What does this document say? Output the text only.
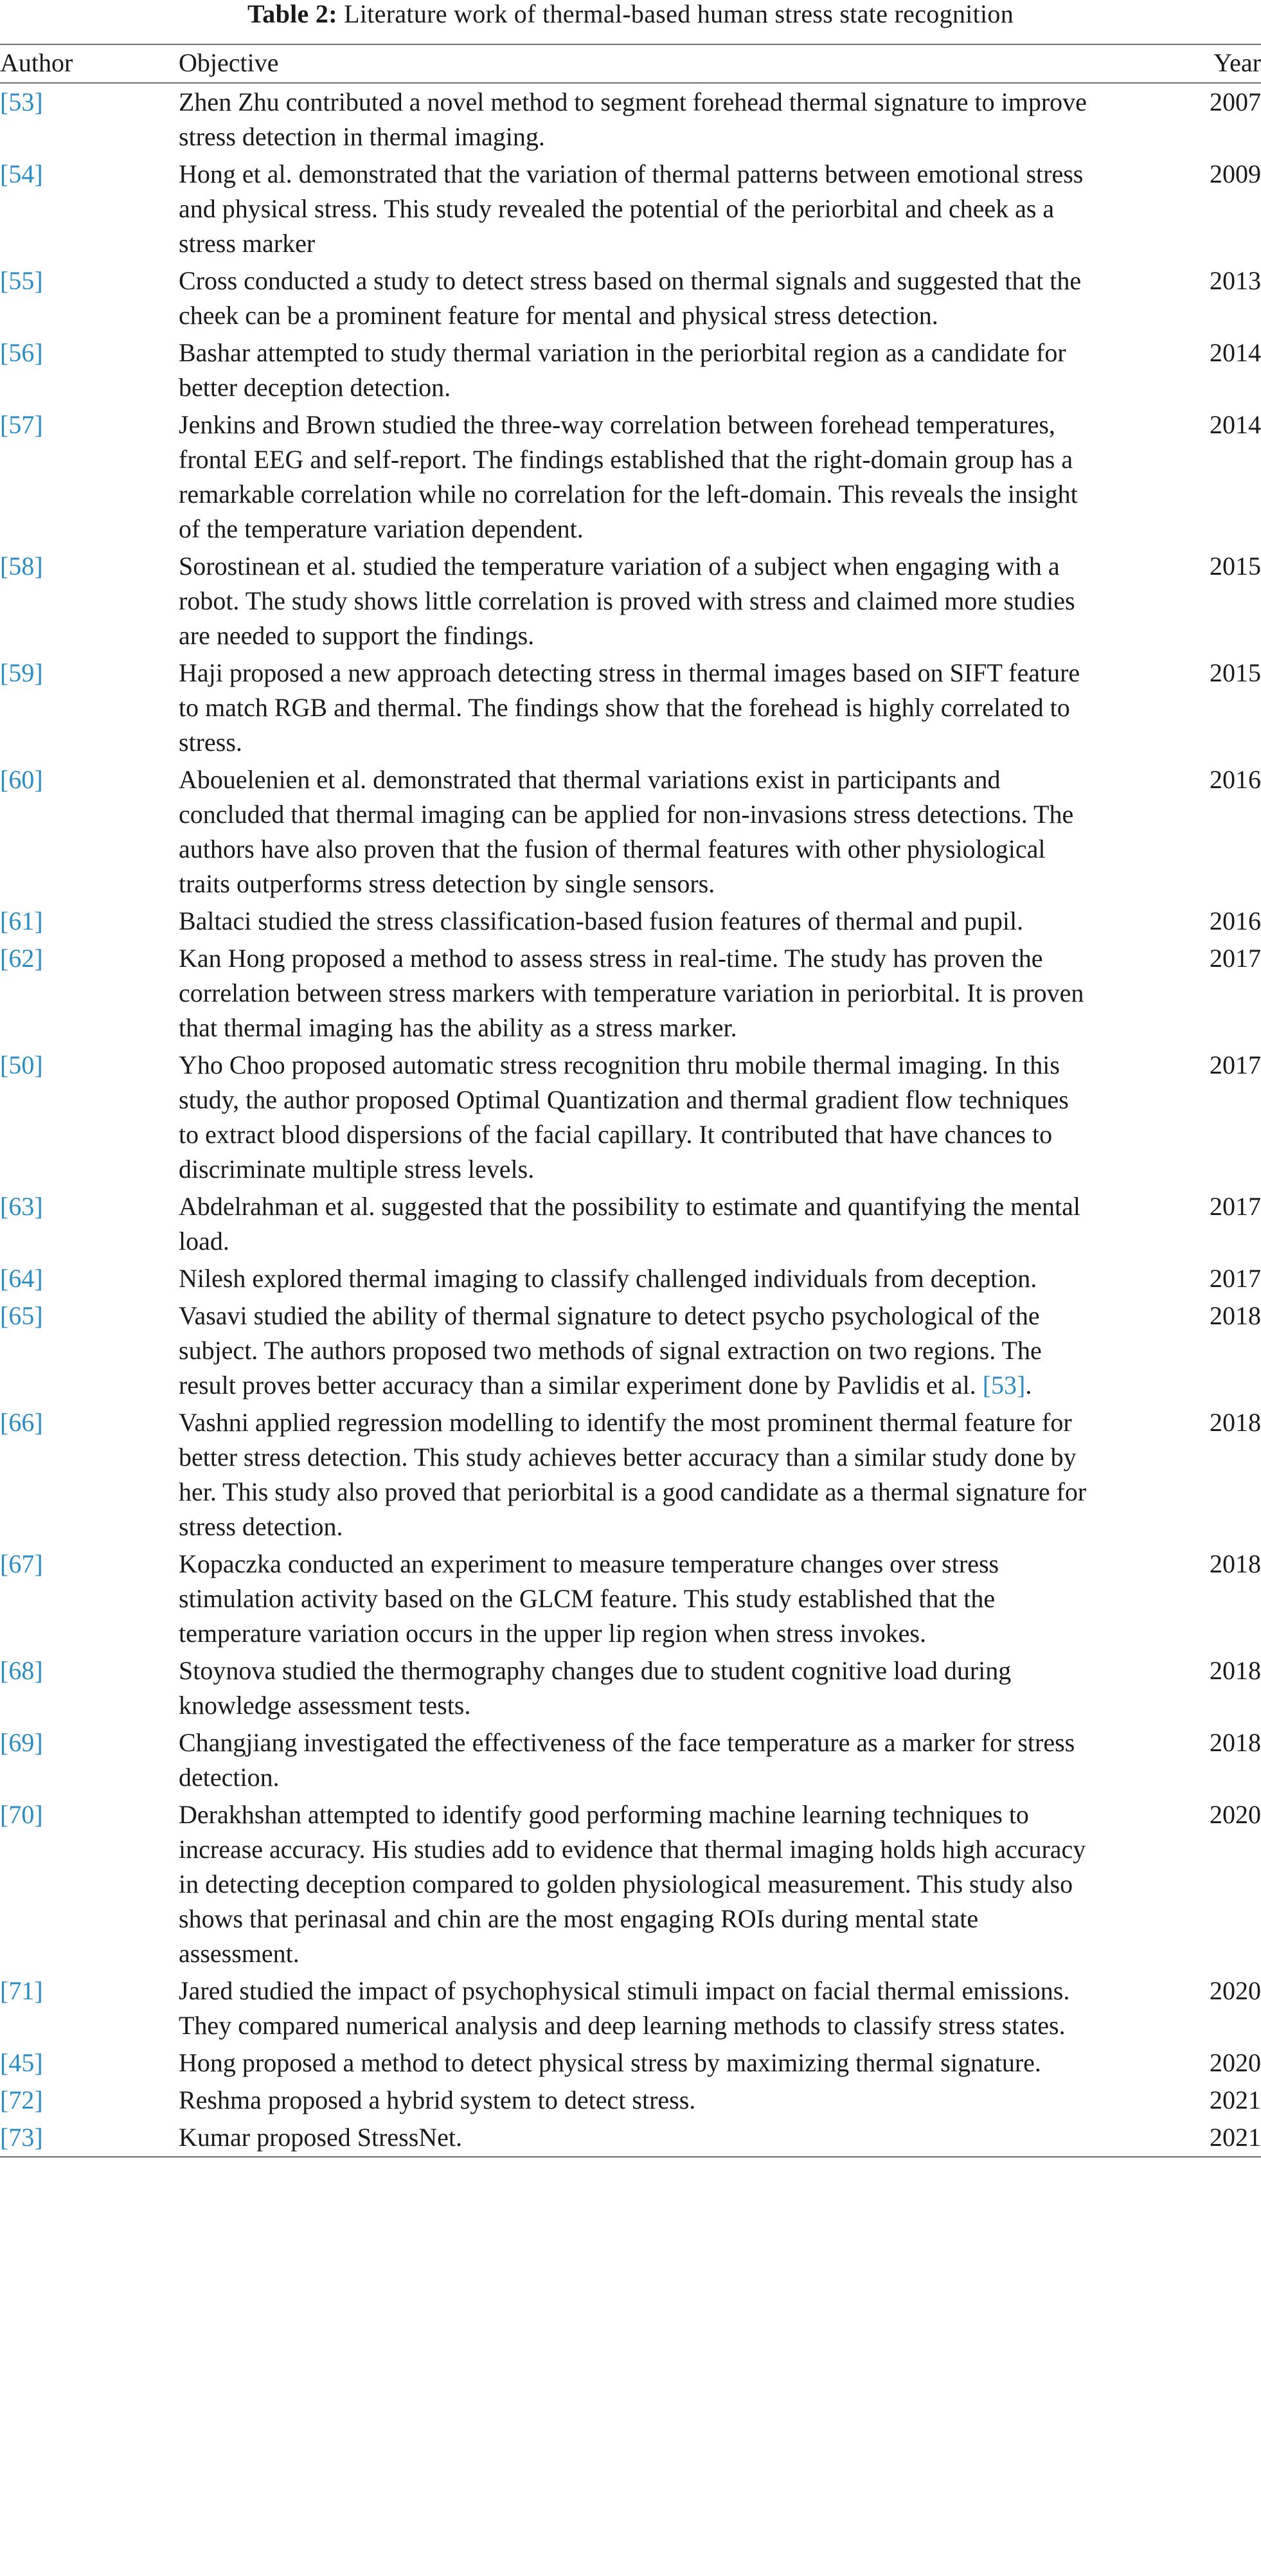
Table 2: Literature work of thermal-based human stress state recognition
Author	Objective	Year
[53]	Zhen Zhu contributed a novel method to segment forehead thermal signature to improve stress detection in thermal imaging.	2007
[54]	Hong et al. demonstrated that the variation of thermal patterns between emotional stress and physical stress. This study revealed the potential of the periorbital and cheek as a stress marker	2009
[55]	Cross conducted a study to detect stress based on thermal signals and suggested that the cheek can be a prominent feature for mental and physical stress detection.	2013
[56]	Bashar attempted to study thermal variation in the periorbital region as a candidate for better deception detection.	2014
[57]	Jenkins and Brown studied the three-way correlation between forehead temperatures, frontal EEG and self-report. The findings established that the right-domain group has a remarkable correlation while no correlation for the left-domain. This reveals the insight of the temperature variation dependent.	2014
[58]	Sorostinean et al. studied the temperature variation of a subject when engaging with a robot. The study shows little correlation is proved with stress and claimed more studies are needed to support the findings.	2015
[59]	Haji proposed a new approach detecting stress in thermal images based on SIFT feature to match RGB and thermal. The findings show that the forehead is highly correlated to stress.	2015
[60]	Abouelenien et al. demonstrated that thermal variations exist in participants and concluded that thermal imaging can be applied for non-invasions stress detections. The authors have also proven that the fusion of thermal features with other physiological traits outperforms stress detection by single sensors.	2016
[61]	Baltaci studied the stress classification-based fusion features of thermal and pupil.	2016
[62]	Kan Hong proposed a method to assess stress in real-time. The study has proven the correlation between stress markers with temperature variation in periorbital. It is proven that thermal imaging has the ability as a stress marker.	2017
[50]	Yho Choo proposed automatic stress recognition thru mobile thermal imaging. In this study, the author proposed Optimal Quantization and thermal gradient flow techniques to extract blood dispersions of the facial capillary. It contributed that have chances to discriminate multiple stress levels.	2017
[63]	Abdelrahman et al. suggested that the possibility to estimate and quantifying the mental load.	2017
[64]	Nilesh explored thermal imaging to classify challenged individuals from deception.	2017
[65]	Vasavi studied the ability of thermal signature to detect psycho psychological of the subject. The authors proposed two methods of signal extraction on two regions. The result proves better accuracy than a similar experiment done by Pavlidis et al. [53].	2018
[66]	Vashni applied regression modelling to identify the most prominent thermal feature for better stress detection. This study achieves better accuracy than a similar study done by her. This study also proved that periorbital is a good candidate as a thermal signature for stress detection.	2018
[67]	Kopaczka conducted an experiment to measure temperature changes over stress stimulation activity based on the GLCM feature. This study established that the temperature variation occurs in the upper lip region when stress invokes.	2018
[68]	Stoynova studied the thermography changes due to student cognitive load during knowledge assessment tests.	2018
[69]	Changjiang investigated the effectiveness of the face temperature as a marker for stress detection.	2018
[70]	Derakhshan attempted to identify good performing machine learning techniques to increase accuracy. His studies add to evidence that thermal imaging holds high accuracy in detecting deception compared to golden physiological measurement. This study also shows that perinasal and chin are the most engaging ROIs during mental state assessment.	2020
[71]	Jared studied the impact of psychophysical stimuli impact on facial thermal emissions. They compared numerical analysis and deep learning methods to classify stress states.	2020
[45]	Hong proposed a method to detect physical stress by maximizing thermal signature.	2020
[72]	Reshma proposed a hybrid system to detect stress.	2021
[73]	Kumar proposed StressNet.	2021
